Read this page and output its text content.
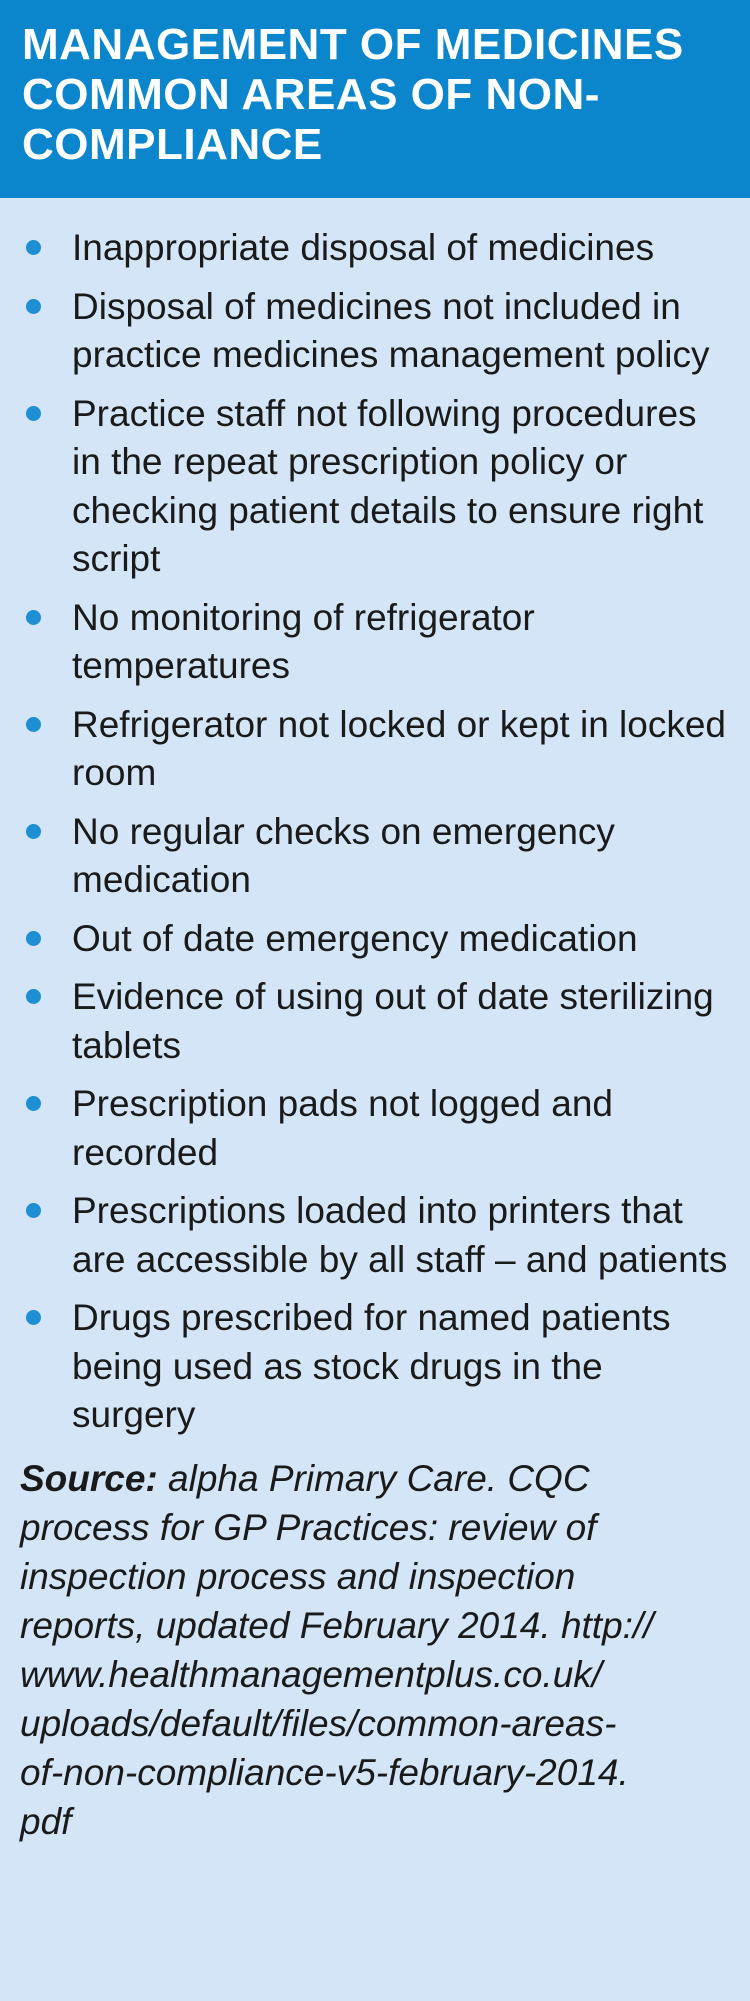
MANAGEMENT OF MEDICINES
COMMON AREAS OF NON-
COMPLIANCE
Inappropriate disposal of medicines
Disposal of medicines not included in practice medicines management policy
Practice staff not following procedures in the repeat prescription policy or checking patient details to ensure right script
No monitoring of refrigerator temperatures
Refrigerator not locked or kept in locked room
No regular checks on emergency medication
Out of date emergency medication
Evidence of using out of date sterilizing tablets
Prescription pads not logged and recorded
Prescriptions loaded into printers that are accessible by all staff – and patients
Drugs prescribed for named patients being used as stock drugs in the surgery
Source: alpha Primary Care. CQC
process for GP Practices: review of
inspection process and inspection
reports, updated February 2014. http://
www.healthmanagementplus.co.uk/
uploads/default/files/common-areas-
of-non-compliance-v5-february-2014.
pdf
